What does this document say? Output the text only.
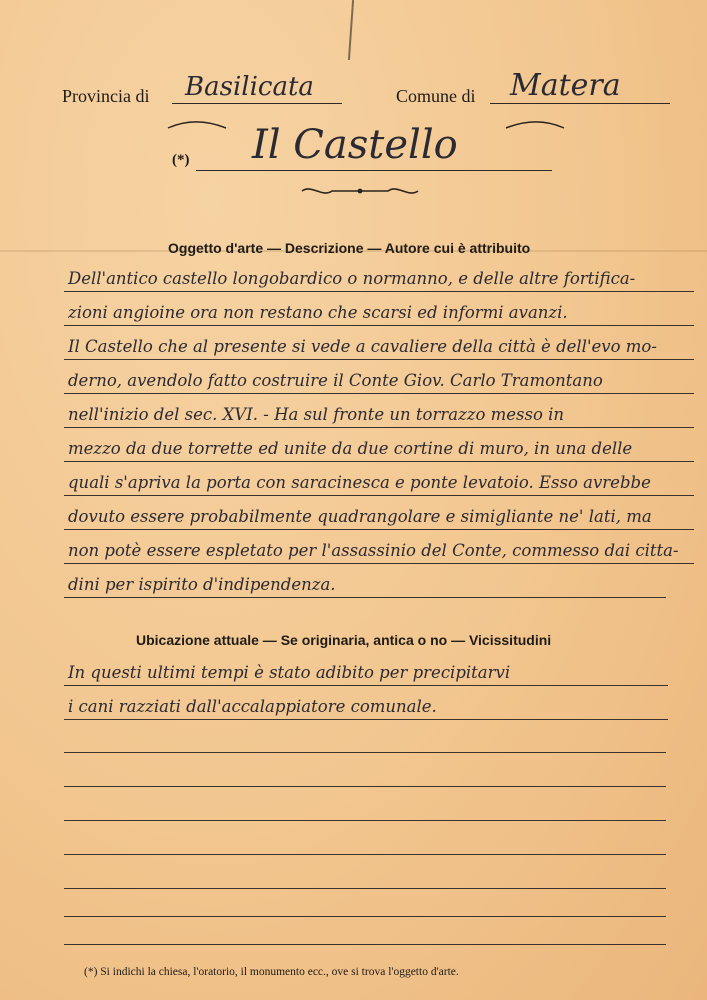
Provincia di Basilicata	Comune di Matera
(*) Il Castello
Oggetto d'arte — Descrizione — Autore cui è attribuito
Dell'antico castello longobardico o normanno, e delle altre fortifica-
zioni angioine ora non restano che scarsi ed informi avanzi.
Il Castello che al presente si vede a cavaliere della città è dell'evo mo-
derno, avendolo fatto costruire il Conte Giov. Carlo Tramontano
nell'inizio del sec. XVI. - Ha sul fronte un torrazzo messo in
mezzo da due torrette ed unite da due cortine di muro, in una delle
quali s'apriva la porta con saracinesca e ponte levatoio. Esso avrebbe
dovuto essere probabilmente quadrangolare e simigliante ne' lati, ma
non potè essere espletato per l'assassinio del Conte, commesso dai citta-
dini per ispirito d'indipendenza.
Ubicazione attuale — Se originaria, antica o no — Vicissitudini
In questi ultimi tempi è stato adibito per precipitarvi
i cani razziati dall'accalappiatore comunale.
(*) Si indichi la chiesa, l'oratorio, il monumento ecc., ove si trova l'oggetto d'arte.
